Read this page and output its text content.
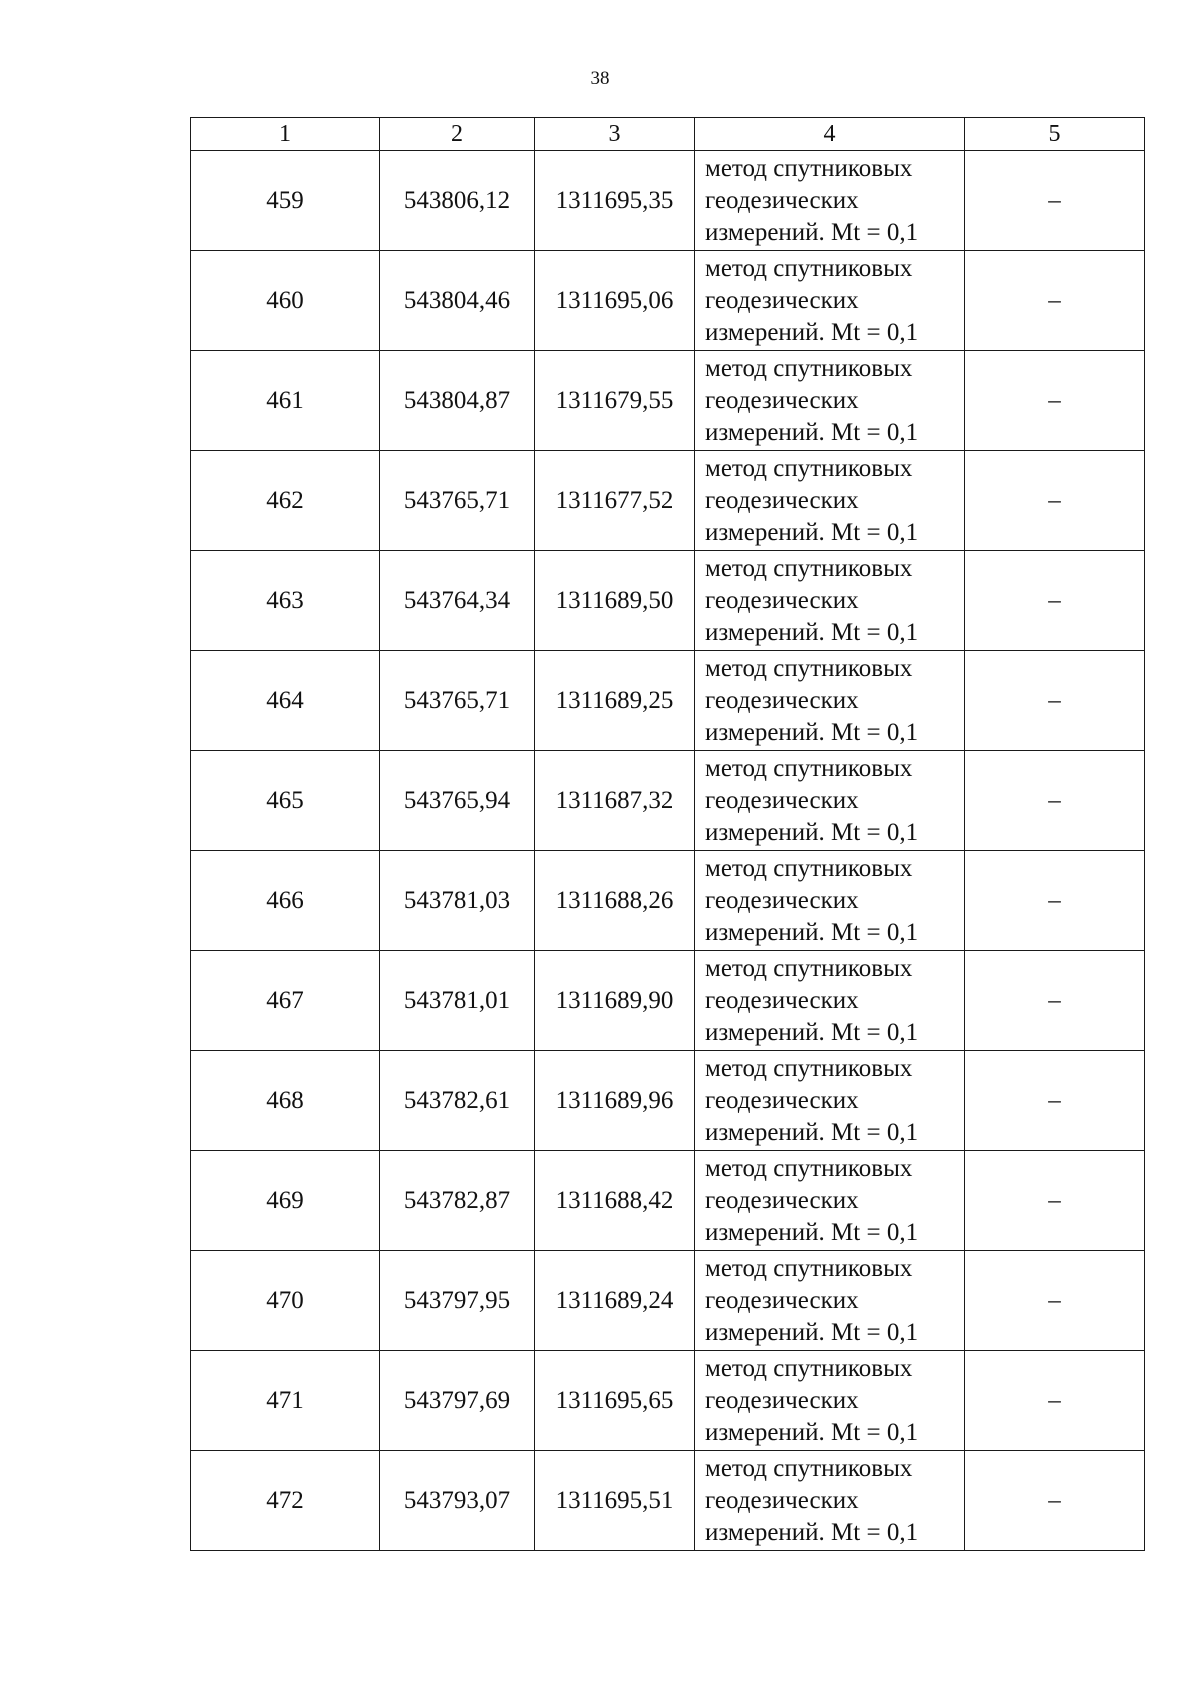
38
1	2	3	4	5
459	543806,12	1311695,35	метод спутниковых
геодезических
измерений. Mt = 0,1	–
460	543804,46	1311695,06	метод спутниковых
геодезических
измерений. Mt = 0,1	–
461	543804,87	1311679,55	метод спутниковых
геодезических
измерений. Mt = 0,1	–
462	543765,71	1311677,52	метод спутниковых
геодезических
измерений. Mt = 0,1	–
463	543764,34	1311689,50	метод спутниковых
геодезических
измерений. Mt = 0,1	–
464	543765,71	1311689,25	метод спутниковых
геодезических
измерений. Mt = 0,1	–
465	543765,94	1311687,32	метод спутниковых
геодезических
измерений. Mt = 0,1	–
466	543781,03	1311688,26	метод спутниковых
геодезических
измерений. Mt = 0,1	–
467	543781,01	1311689,90	метод спутниковых
геодезических
измерений. Mt = 0,1	–
468	543782,61	1311689,96	метод спутниковых
геодезических
измерений. Mt = 0,1	–
469	543782,87	1311688,42	метод спутниковых
геодезических
измерений. Mt = 0,1	–
470	543797,95	1311689,24	метод спутниковых
геодезических
измерений. Mt = 0,1	–
471	543797,69	1311695,65	метод спутниковых
геодезических
измерений. Mt = 0,1	–
472	543793,07	1311695,51	метод спутниковых
геодезических
измерений. Mt = 0,1	–
